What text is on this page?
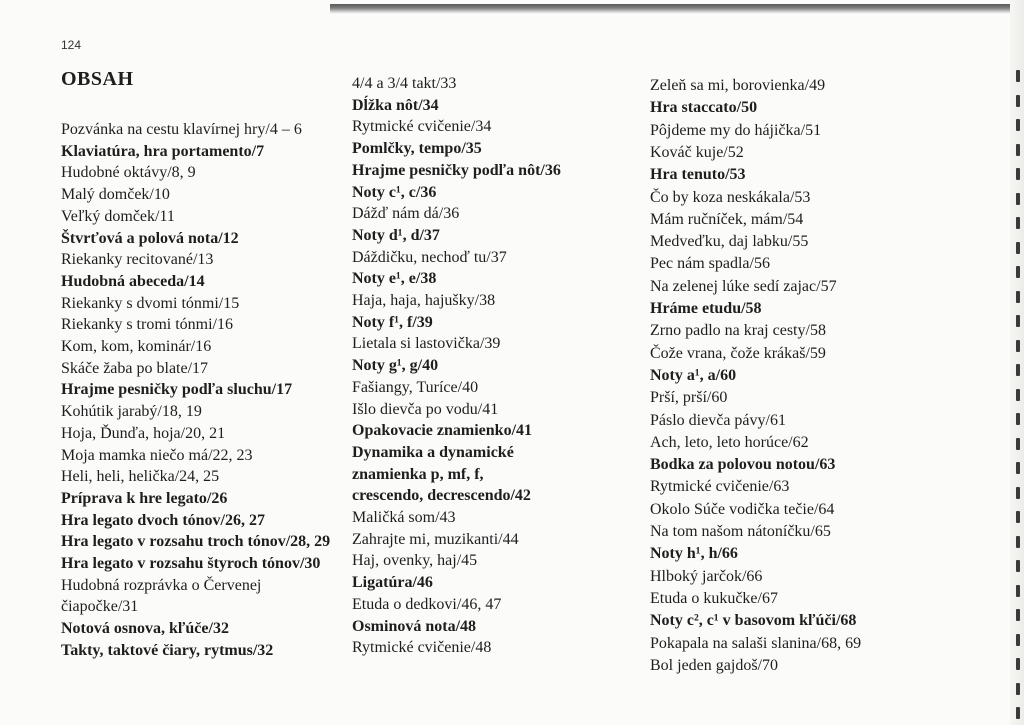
124
OBSAH
Pozvánka na cestu klavírnej hry/4 – 6
Klaviatúra, hra portamento/7
Hudobné oktávy/8, 9
Malý domček/10
Veľký domček/11
Štvrťová a polová nota/12
Riekanky recitované/13
Hudobná abeceda/14
Riekanky s dvomi tónmi/15
Riekanky s tromi tónmi/16
Kom, kom, kominár/16
Skáče žaba po blate/17
Hrajme pesničky podľa sluchu/17
Kohútik jarabý/18, 19
Hoja, Ďunďa, hoja/20, 21
Moja mamka niečo má/22, 23
Heli, heli, helička/24, 25
Príprava k hre legato/26
Hra legato dvoch tónov/26, 27
Hra legato v rozsahu troch tónov/28, 29
Hra legato v rozsahu štyroch tónov/30
Hudobná rozprávka o Červenej
čiapočke/31
Notová osnova, kľúče/32
Takty, taktové čiary, rytmus/32
4/4 a 3/4 takt/33
Dĺžka nôt/34
Rytmické cvičenie/34
Pomlčky, tempo/35
Hrajme pesničky podľa nôt/36
Noty c¹, c/36
Dážď nám dá/36
Noty d¹, d/37
Dáždičku, nechoď tu/37
Noty e¹, e/38
Haja, haja, hajušky/38
Noty f¹, f/39
Lietala si lastovička/39
Noty g¹, g/40
Fašiangy, Turíce/40
Išlo dievča po vodu/41
Opakovacie znamienko/41
Dynamika a dynamické
znamienka p, mf, f,
crescendo, decrescendo/42
Maličká som/43
Zahrajte mi, muzikanti/44
Haj, ovenky, haj/45
Ligatúra/46
Etuda o dedkovi/46, 47
Osminová nota/48
Rytmické cvičenie/48
Zeleň sa mi, borovienka/49
Hra staccato/50
Pôjdeme my do hájička/51
Kováč kuje/52
Hra tenuto/53
Čo by koza neskákala/53
Mám ručníček, mám/54
Medveďku, daj labku/55
Pec nám spadla/56
Na zelenej lúke sedí zajac/57
Hráme etudu/58
Zrno padlo na kraj cesty/58
Čože vrana, čože krákaš/59
Noty a¹, a/60
Prší, prší/60
Páslo dievča pávy/61
Ach, leto, leto horúce/62
Bodka za polovou notou/63
Rytmické cvičenie/63
Okolo Súče vodička tečie/64
Na tom našom nátoníčku/65
Noty h¹, h/66
Hlboký jarčok/66
Etuda o kukučke/67
Noty c², c¹ v basovom kľúči/68
Pokapala na salaši slanina/68, 69
Bol jeden gajdoš/70
